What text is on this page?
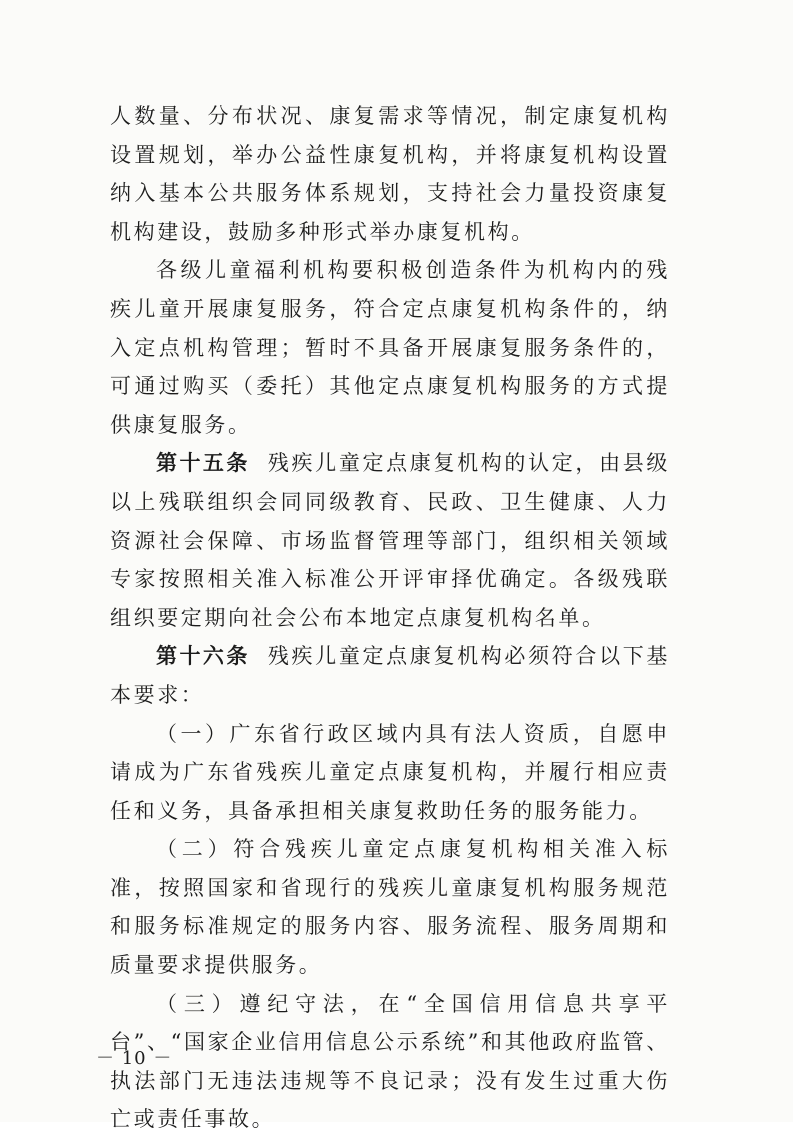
人数量、分布状况、康复需求等情况，制定康复机构设置规划，举办公益性康复机构，并将康复机构设置纳入基本公共服务体系规划，支持社会力量投资康复机构建设，鼓励多种形式举办康复机构。

各级儿童福利机构要积极创造条件为机构内的残疾儿童开展康复服务，符合定点康复机构条件的，纳入定点机构管理；暂时不具备开展康复服务条件的，可通过购买（委托）其他定点康复机构服务的方式提供康复服务。

第十五条 残疾儿童定点康复机构的认定，由县级以上残联组织会同同级教育、民政、卫生健康、人力资源社会保障、市场监督管理等部门，组织相关领域专家按照相关准入标准公开评审择优确定。各级残联组织要定期向社会公布本地定点康复机构名单。

第十六条 残疾儿童定点康复机构必须符合以下基本要求：

（一）广东省行政区域内具有法人资质，自愿申请成为广东省残疾儿童定点康复机构，并履行相应责任和义务，具备承担相关康复救助任务的服务能力。

（二）符合残疾儿童定点康复机构相关准入标准，按照国家和省现行的残疾儿童康复机构服务规范和服务标准规定的服务内容、服务流程、服务周期和质量要求提供服务。

（三）遵纪守法，在“全国信用信息共享平台”、“国家企业信用信息公示系统”和其他政府监管、执法部门无违法违规等不良记录；没有发生过重大伤亡或责任事故。

－ 10 －
